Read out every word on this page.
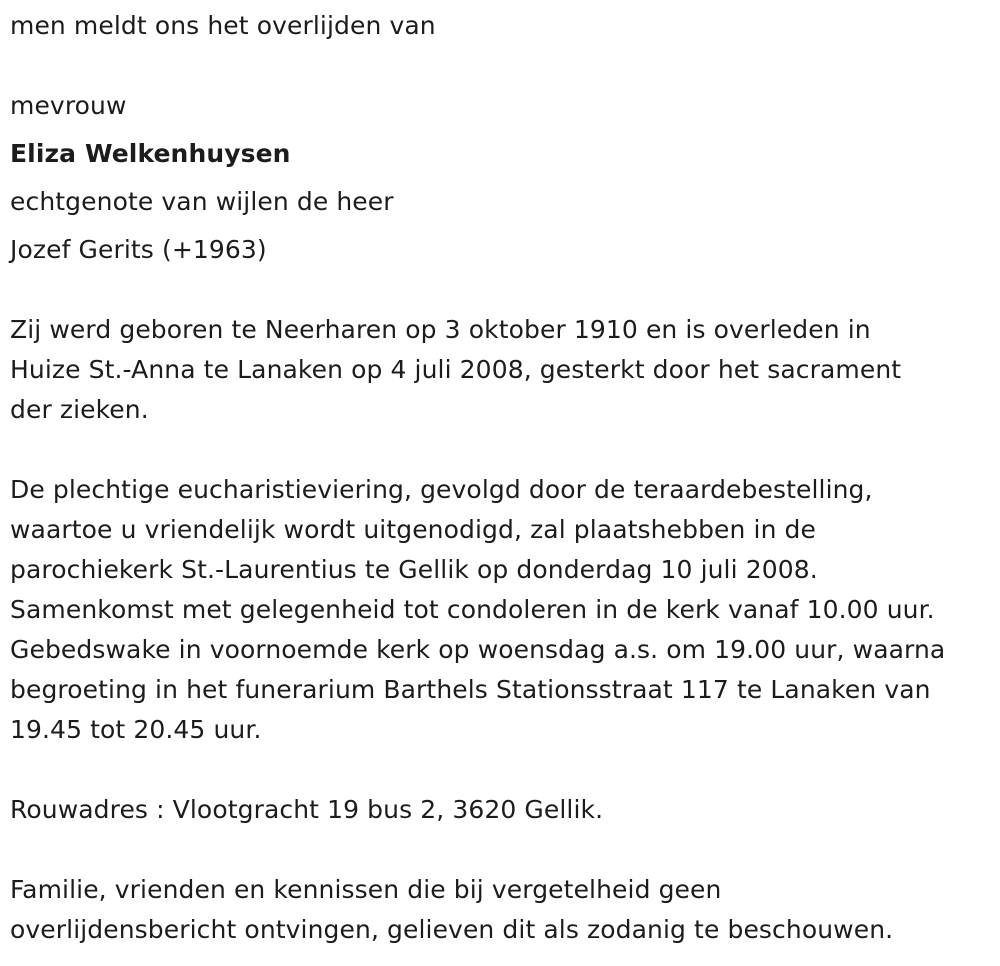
men meldt ons het overlijden van

mevrouw

Eliza Welkenhuysen

echtgenote van wijlen de heer

Jozef Gerits (+1963)

Zij werd geboren te Neerharen op 3 oktober 1910 en is overleden in
Huize St.-Anna te Lanaken op 4 juli 2008, gesterkt door het sacrament
der zieken.
De plechtige eucharistieviering, gevolgd door de teraardebestelling,
waartoe u vriendelijk wordt uitgenodigd, zal plaatshebben in de
parochiekerk St.-Laurentius te Gellik op donderdag 10 juli 2008.
Samenkomst met gelegenheid tot condoleren in de kerk vanaf 10.00 uur.
Gebedswake in voornoemde kerk op woensdag a.s. om 19.00 uur, waarna
begroeting in het funerarium Barthels Stationsstraat 117 te Lanaken van
19.45 tot 20.45 uur.

Rouwadres : Vlootgracht 19 bus 2, 3620 Gellik.

Familie, vrienden en kennissen die bij vergetelheid geen
overlijdensbericht ontvingen, gelieven dit als zodanig te beschouwen.
